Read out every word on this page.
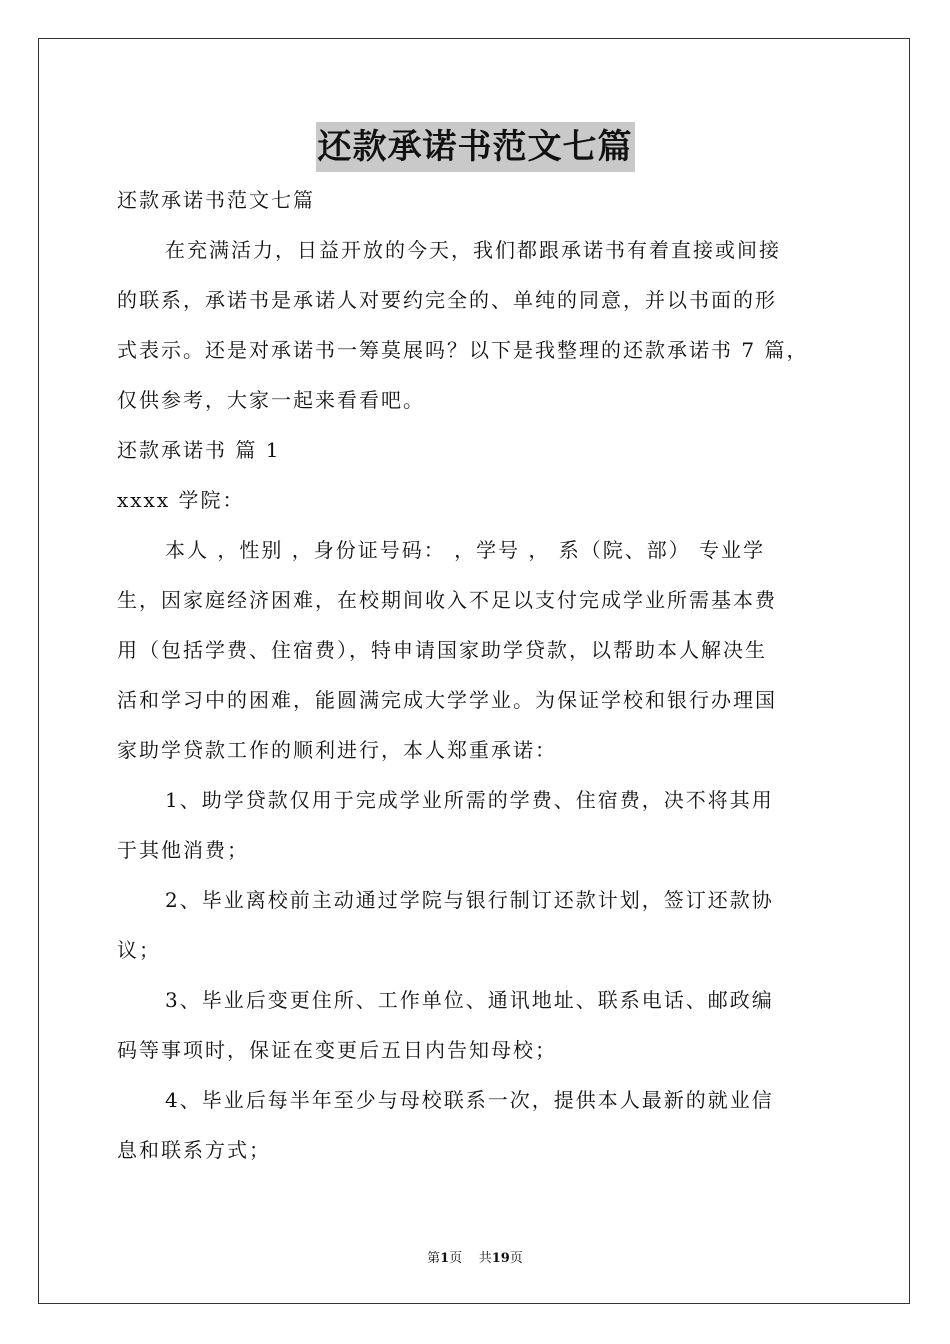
还款承诺书范文七篇
还款承诺书范文七篇
在充满活力，日益开放的今天，我们都跟承诺书有着直接或间接
的联系，承诺书是承诺人对要约完全的、单纯的同意，并以书面的形
式表示。还是对承诺书一筹莫展吗？以下是我整理的还款承诺书 7 篇，
仅供参考，大家一起来看看吧。
还款承诺书 篇 1
xxxx 学院：
本人 ，性别 ，身份证号码： ，学号 ， 系（院、部） 专业学
生，因家庭经济困难，在校期间收入不足以支付完成学业所需基本费
用（包括学费、住宿费），特申请国家助学贷款，以帮助本人解决生
活和学习中的困难，能圆满完成大学学业。为保证学校和银行办理国
家助学贷款工作的顺利进行，本人郑重承诺：
1、助学贷款仅用于完成学业所需的学费、住宿费，决不将其用
于其他消费；
2、毕业离校前主动通过学院与银行制订还款计划，签订还款协
议；
3、毕业后变更住所、工作单位、通讯地址、联系电话、邮政编
码等事项时，保证在变更后五日内告知母校；
4、毕业后每半年至少与母校联系一次，提供本人最新的就业信
息和联系方式；
第1页    共19页
